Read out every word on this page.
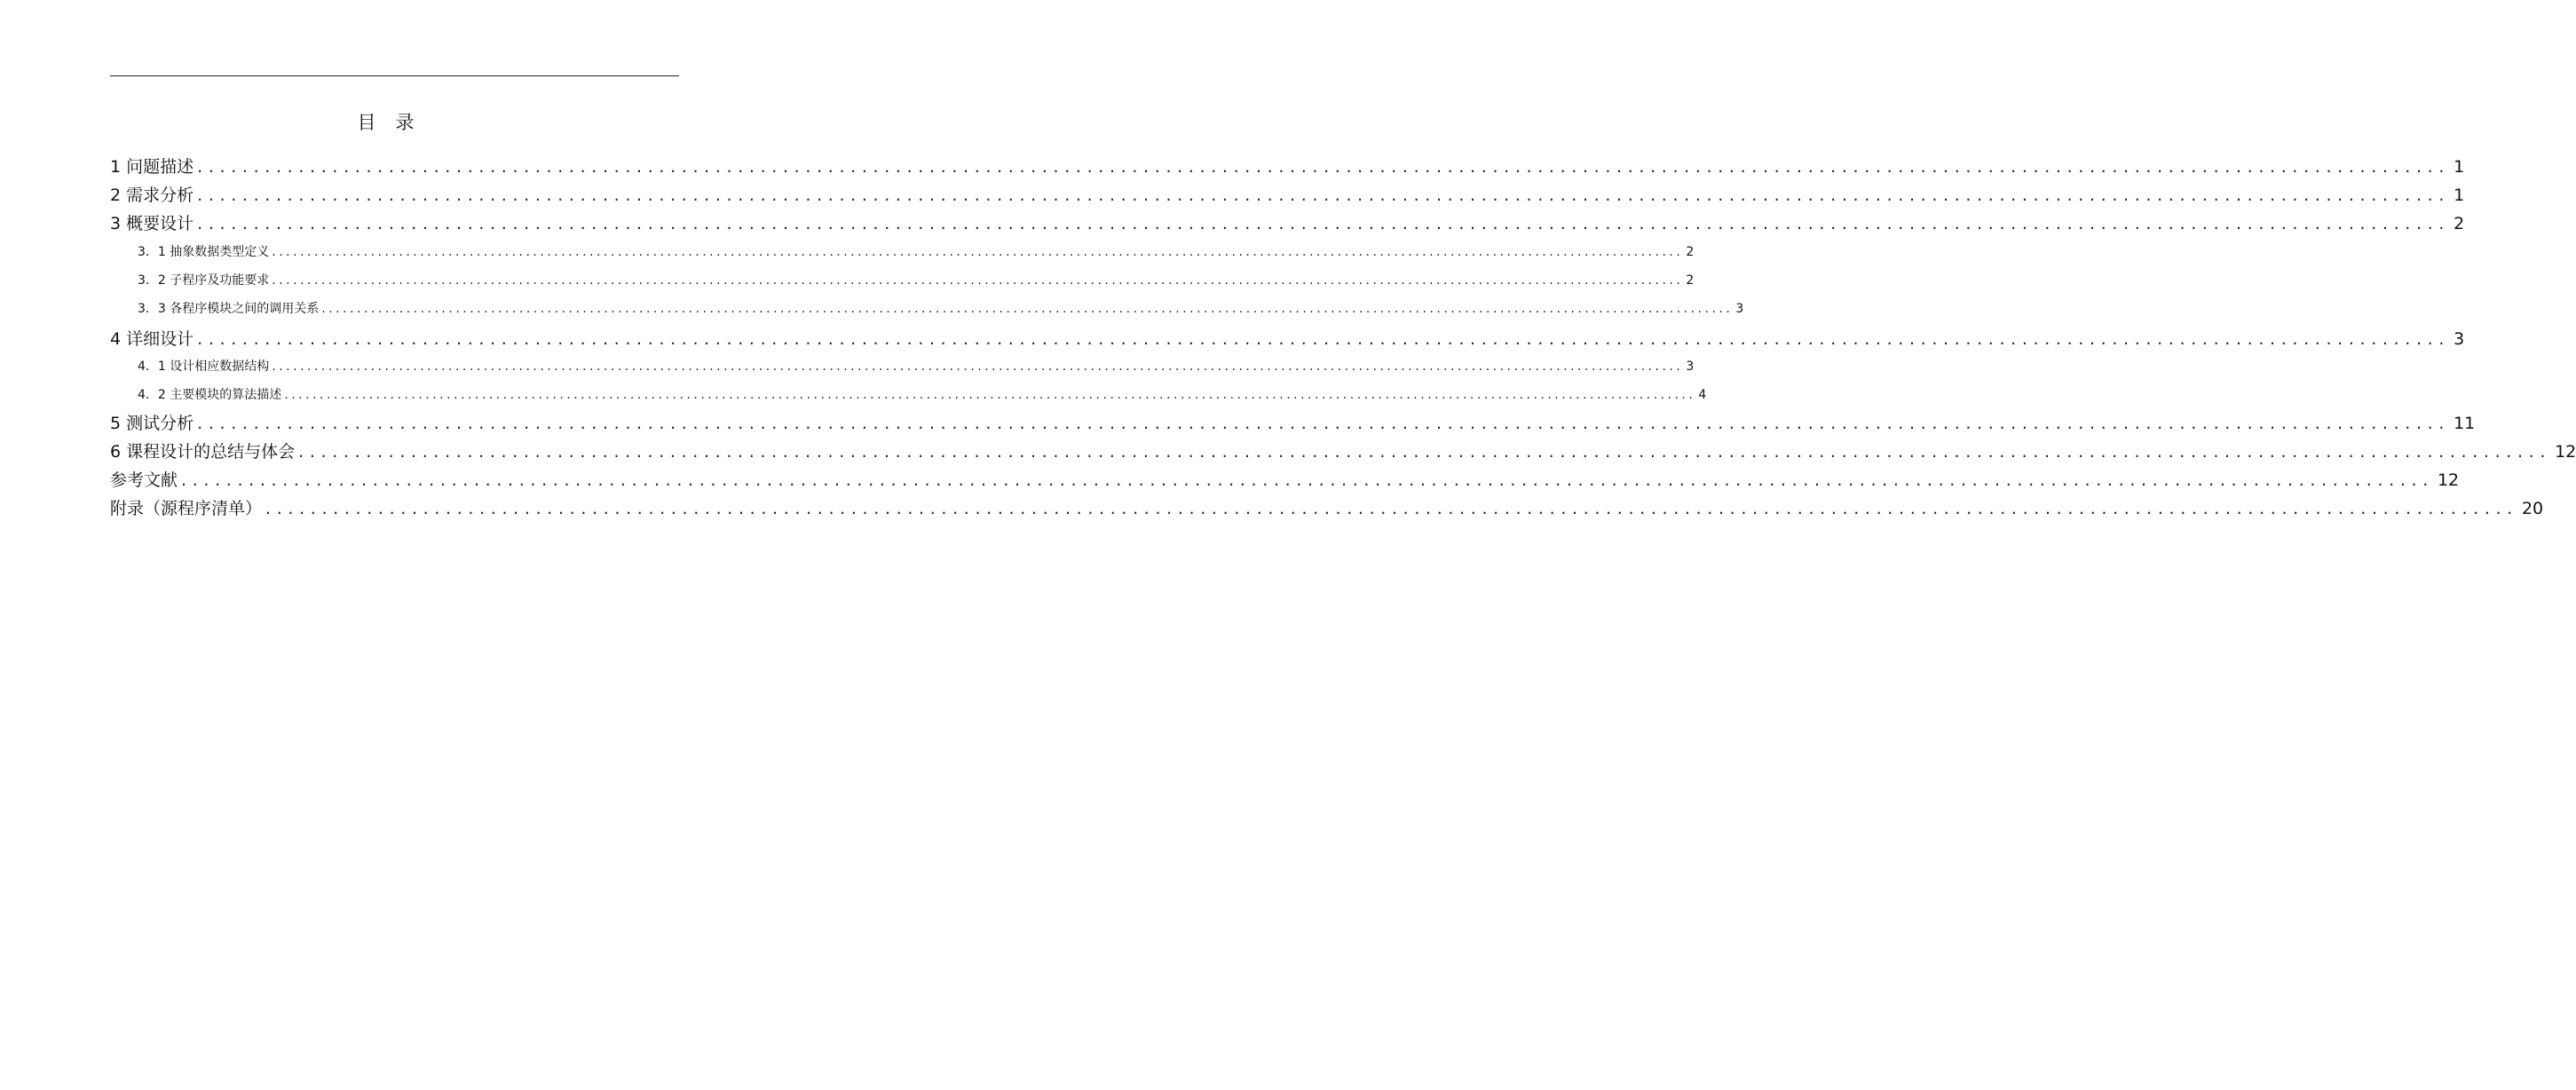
目录
1 问题描述 ........................................................................................................................................................................................................ 1
2 需求分析 ........................................................................................................................................................................................................ 1
3 概要设计 ........................................................................................................................................................................................................ 2
3．1 抽象数据类型定义 ........................................................................................................................................................................................................ 2
3．2 子程序及功能要求 ........................................................................................................................................................................................................ 2
3．3 各程序模块之间的调用关系 ........................................................................................................................................................................................................ 3
4 详细设计 ........................................................................................................................................................................................................ 3
4．1 设计相应数据结构 ........................................................................................................................................................................................................ 3
4．2 主要模块的算法描述 ........................................................................................................................................................................................................ 4
5 测试分析 ........................................................................................................................................................................................................ 11
6 课程设计的总结与体会 ........................................................................................................................................................................................................ 12
参考文献 ........................................................................................................................................................................................................ 12
附录（源程序清单） ........................................................................................................................................................................................................ 20
